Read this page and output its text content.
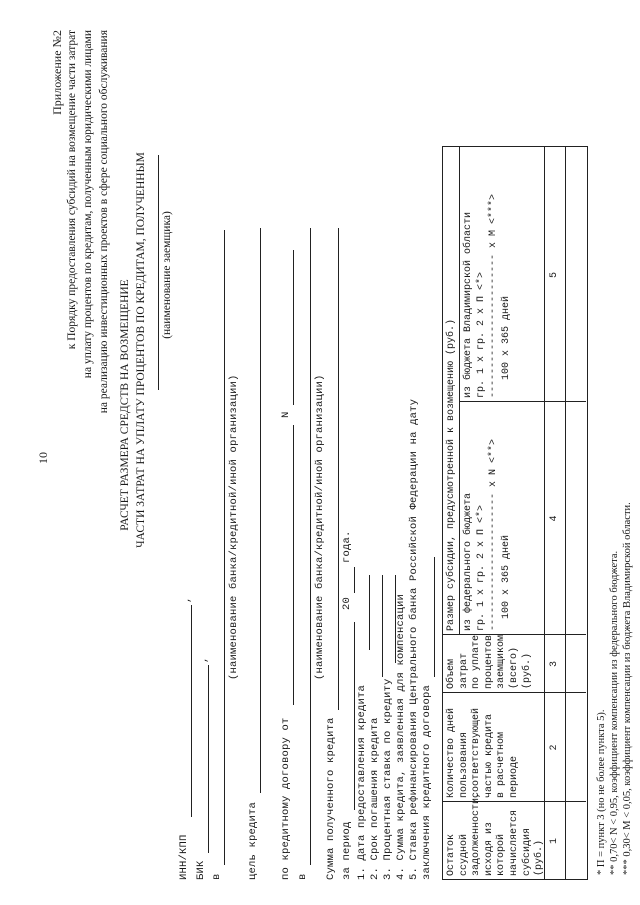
10
Приложение №2 к Порядку предоставления субсидий на возмещение части затрат на уплату процентов по кредитам, полученным юридическими лицами на реализацию инвестиционных проектов в сфере социального обслуживания РАСЧЕТ РАЗМЕРА СРЕДСТВ НА ВОЗМЕЩЕНИЕ ЧАСТИ ЗАТРАТ НА УПЛАТУ ПРОЦЕНТОВ ПО КРЕДИТАМ, ПОЛУЧЕННЫМ (наименование заемщика)
ИНН/КПП
,
БИК
,
в
(наименование банка/кредитной/иной организации)
цель кредита по кредитному договору от
N
в
(наименование банка/кредитной/иной организации)
Сумма полученного кредита за период
20
года.
1. Дата предоставления кредита 2. Срок погашения кредита 3. Процентная ставка по кредиту 4. Сумма кредита, заявленная для компенсации 5. Ставка рефинансирования Центрального банка Российской Федерации на дату заключения кредитного договора Остаток
ссудной
задолженности,
исходя из
которой
начисляется
субсидия
(руб.)
Количество дней
пользования
соответствующей
частью кредита
в расчетном
периоде
Объем
затрат
по уплате
процентов
заемщиком
(всего)
(руб.)
Размер субсидии, предусмотренной к возмещению (руб.) из федерального бюджета
гр. 1 x гр. 2 x П <*>
----------------------- x N <**>
100 x 365 дней
из бюджета Владимирской области
гр. 1 x гр. 2 x П <*>
------------------------ x M <***>
100 x 365 дней
1
2
3
4
5
* П = пункт 3 (но не более пункта 5). ** 0,70< N < 0,95, коэффициент компенсации из федерального бюджета. *** 0,30< M < 0,05, коэффициент компенсации из бюджета Владимирской области.
